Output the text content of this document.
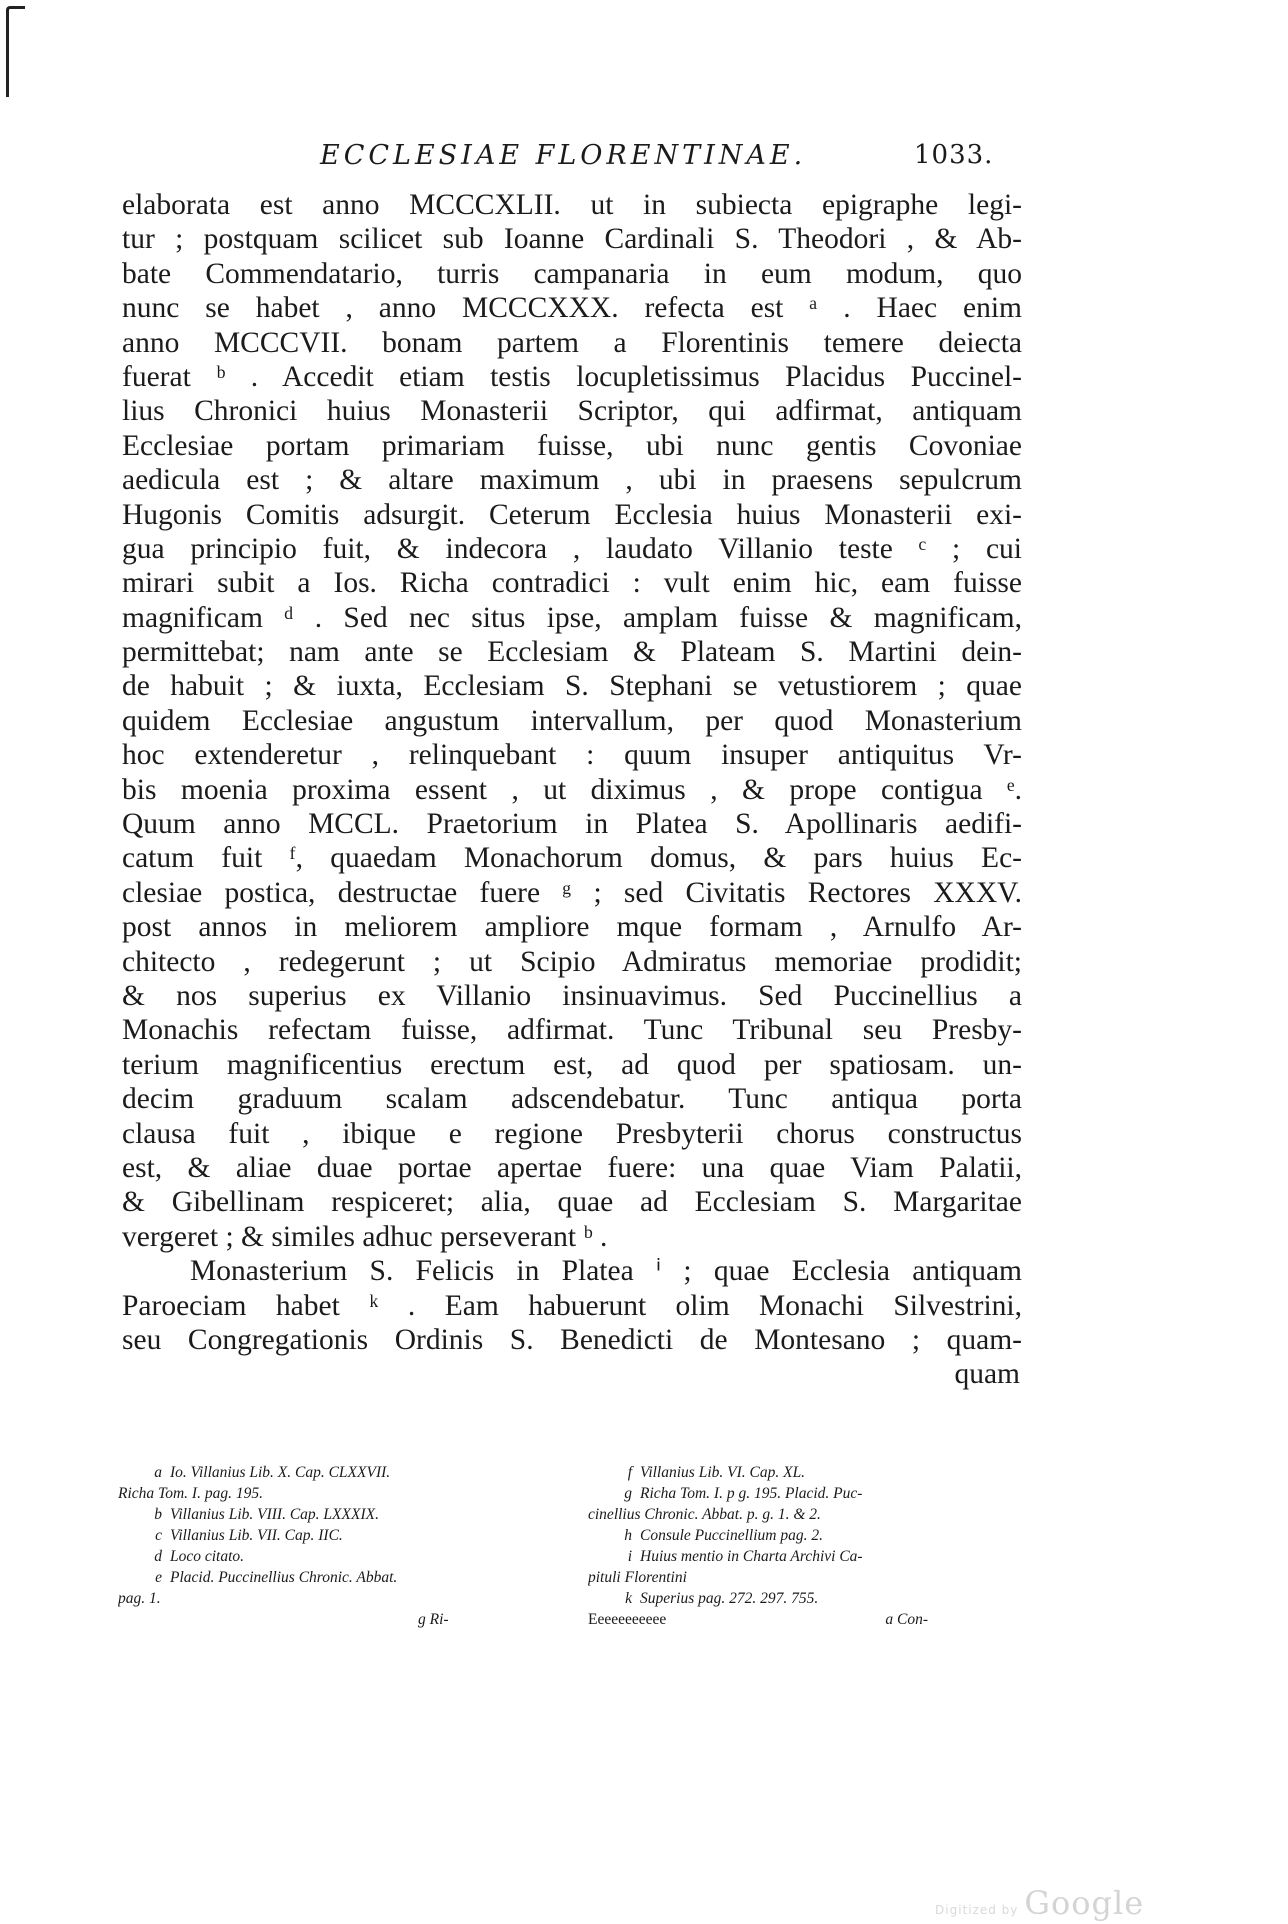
ECCLESIAE FLORENTINAE.	1033.
elaborata est anno MCCCXLII. ut in subiecta epigraphe legi-
tur ; postquam scilicet sub Ioanne Cardinali S. Theodori , & Ab-
bate Commendatario, turris campanaria in eum modum, quo
nunc se habet , anno MCCCXXX. refecta est ᵃ . Haec enim
anno MCCCVII. bonam partem a Florentinis temere deiecta
fuerat ᵇ . Accedit etiam testis locupletissimus Placidus Puccinel-
lius Chronici huius Monasterii Scriptor, qui adfirmat, antiquam
Ecclesiae portam primariam fuisse, ubi nunc gentis Covoniae
aedicula est ; & altare maximum , ubi in praesens sepulcrum
Hugonis Comitis adsurgit. Ceterum Ecclesia huius Monasterii exi-
gua principio fuit, & indecora , laudato Villanio teste ᶜ ; cui
mirari subit a Ios. Richa contradici : vult enim hic, eam fuisse
magnificam ᵈ . Sed nec situs ipse, amplam fuisse & magnificam,
permittebat; nam ante se Ecclesiam & Plateam S. Martini dein-
de habuit ; & iuxta, Ecclesiam S. Stephani se vetustiorem ; quae
quidem Ecclesiae angustum intervallum, per quod Monasterium
hoc extenderetur , relinquebant : quum insuper antiquitus Vr-
bis moenia proxima essent , ut diximus , & prope contigua ᵉ.
Quum anno MCCL. Praetorium in Platea S. Apollinaris aedifi-
catum fuit ᶠ, quaedam Monachorum domus, & pars huius Ec-
clesiae postica, destructae fuere ᵍ ; sed Civitatis Rectores XXXV.
post annos in meliorem ampliore mque formam , Arnulfo Ar-
chitecto , redegerunt ; ut Scipio Admiratus memoriae prodidit;
& nos superius ex Villanio insinuavimus. Sed Puccinellius a
Monachis refectam fuisse, adfirmat. Tunc Tribunal seu Presby-
terium magnificentius erectum est, ad quod per spatiosam. un-
decim graduum scalam adscendebatur. Tunc antiqua porta
clausa fuit , ibique e regione Presbyterii chorus constructus
est, & aliae duae portae apertae fuere: una quae Viam Palatii,
& Gibellinam respiceret; alia, quae ad Ecclesiam S. Margaritae
vergeret ; & similes adhuc perseverant ᵇ .
Monasterium S. Felicis in Platea ⁱ ; quae Ecclesia antiquam
Paroeciam habet ᵏ . Eam habuerunt olim Monachi Silvestrini,
seu Congregationis Ordinis S. Benedicti de Montesano ; quam-
quam
a Io. Villanius Lib. X. Cap. CLXXVII.
Richa Tom. I. pag. 195.
b Villanius Lib. VIII. Cap. LXXXIX.
c Villanius Lib. VII. Cap. IIC.
d Loco citato.
e Placid. Puccinellius Chronic. Abbat.
pag. 1.
g Ri-
f Villanius Lib. VI. Cap. XL.
g Richa Tom. I. p g. 195. Placid. Puc-
cinellius Chronic. Abbat. p. g. 1. & 2.
h Consule Puccinellium pag. 2.
i Huius mentio in Charta Archivi Ca-
pituli Florentini
k Superius pag. 272. 297. 755.
Eeeeeeeeeee	a Con-
Digitized by Google
